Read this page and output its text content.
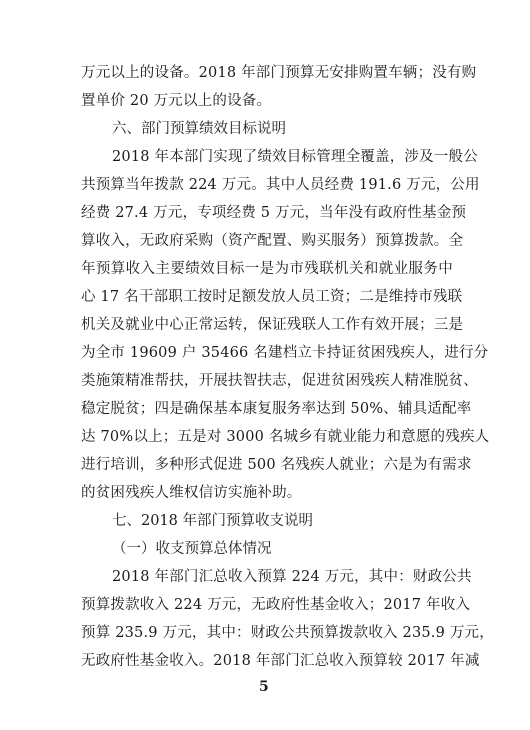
万元以上的设备。2018 年部门预算无安排购置车辆；没有购
置单价 20 万元以上的设备。
六、部门预算绩效目标说明
2018 年本部门实现了绩效目标管理全覆盖，涉及一般公
共预算当年拨款 224 万元。其中人员经费 191.6 万元，公用
经费 27.4 万元，专项经费 5 万元，当年没有政府性基金预
算收入，无政府采购（资产配置、购买服务）预算拨款。全
年预算收入主要绩效目标一是为市残联机关和就业服务中
心 17 名干部职工按时足额发放人员工资；二是维持市残联
机关及就业中心正常运转，保证残联人工作有效开展；三是
为全市 19609 户 35466 名建档立卡持证贫困残疾人，进行分
类施策精准帮扶，开展扶智扶志，促进贫困残疾人精准脱贫、
稳定脱贫；四是确保基本康复服务率达到 50%、辅具适配率
达 70%以上；五是对 3000 名城乡有就业能力和意愿的残疾人
进行培训，多种形式促进 500 名残疾人就业；六是为有需求
的贫困残疾人维权信访实施补助。
七、2018 年部门预算收支说明
（一）收支预算总体情况
2018 年部门汇总收入预算 224 万元，其中：财政公共
预算拨款收入 224 万元，无政府性基金收入；2017 年收入
预算 235.9 万元，其中：财政公共预算拨款收入 235.9 万元，
无政府性基金收入。2018 年部门汇总收入预算较 2017 年减
5
